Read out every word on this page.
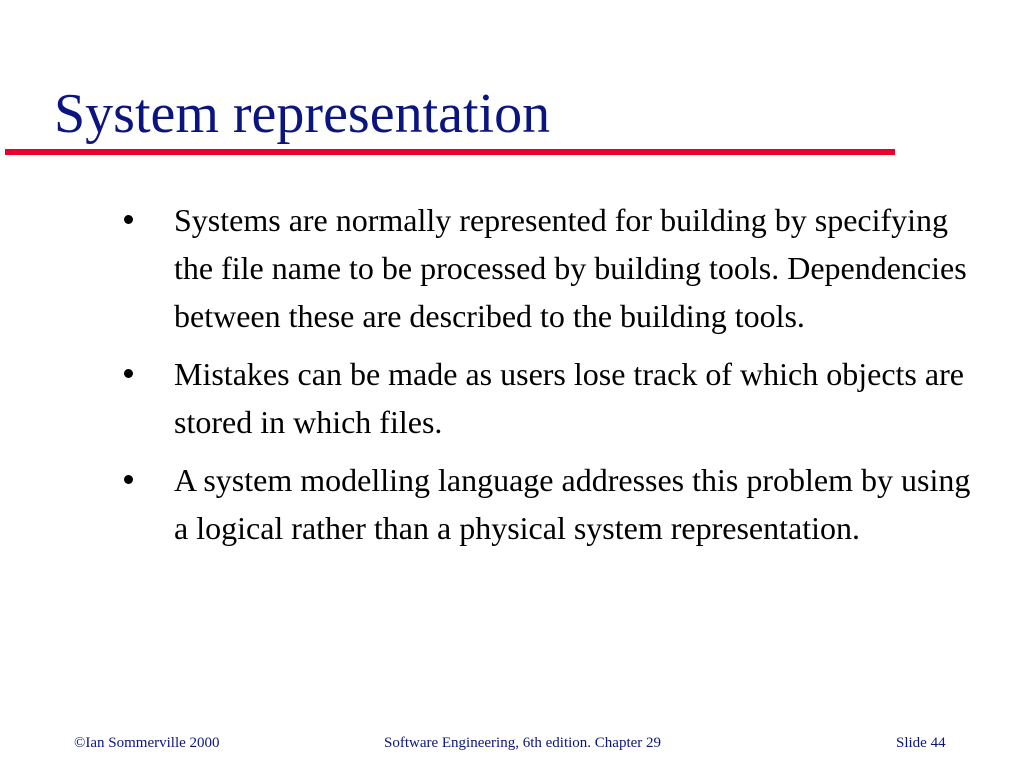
System representation
Systems are normally represented for building by specifying the file name to be processed by building tools. Dependencies between these are described to the building tools.
Mistakes can be made as users lose track of which objects are stored in which files.
A system modelling language addresses this problem by using a logical rather than a physical system representation.
©Ian Sommerville 2000	Software Engineering, 6th edition. Chapter 29	Slide 44
